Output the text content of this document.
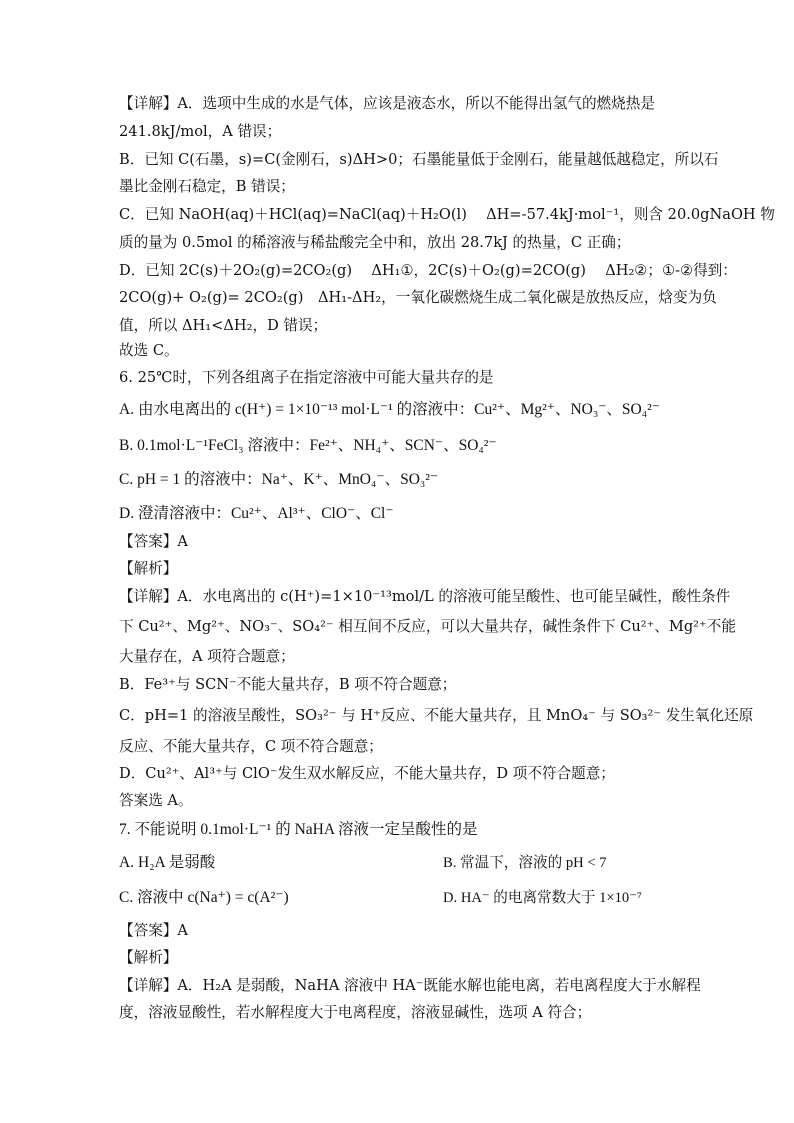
【详解】A．选项中生成的水是气体，应该是液态水，所以不能得出氢气的燃烧热是
241.8kJ/mol，A 错误；
B．已知 C(石墨，s)=C(金刚石，s)ΔH>0；石墨能量低于金刚石，能量越低越稳定，所以石
墨比金刚石稳定，B 错误；
C．已知 NaOH(aq)＋HCl(aq)=NaCl(aq)＋H₂O(l)　 ΔH=-57.4kJ·mol⁻¹，则含 20.0gNaOH 物
质的量为 0.5mol 的稀溶液与稀盐酸完全中和，放出 28.7kJ 的热量，C 正确；
D．已知 2C(s)＋2O₂(g)=2CO₂(g)　 ΔH₁①，2C(s)＋O₂(g)=2CO(g)　 ΔH₂②；①-②得到：
2CO(g)+ O₂(g)= 2CO₂(g)　ΔH₁-ΔH₂，一氧化碳燃烧生成二氧化碳是放热反应，焓变为负
值，所以 ΔH₁<ΔH₂，D 错误；
故选 C。
6. 25℃时，下列各组离子在指定溶液中可能大量共存的是
A. 由水电离出的 c(H⁺) = 1×10⁻¹³ mol·L⁻¹ 的溶液中：Cu²⁺、Mg²⁺、NO₃⁻、SO₄²⁻
B. 0.1mol·L⁻¹FeCl₃ 溶液中：Fe²⁺、NH₄⁺、SCN⁻、SO₄²⁻
C. pH = 1 的溶液中：Na⁺、K⁺、MnO₄⁻、SO₃²⁻
D. 澄清溶液中：Cu²⁺、Al³⁺、ClO⁻、Cl⁻
【答案】A
【解析】
【详解】A．水电离出的 c(H⁺)=1×10⁻¹³mol/L 的溶液可能呈酸性、也可能呈碱性，酸性条件
下 Cu²⁺、Mg²⁺、NO₃⁻、SO₄²⁻ 相互间不反应，可以大量共存，碱性条件下 Cu²⁺、Mg²⁺不能
大量存在，A 项符合题意；
B．Fe³⁺与 SCN⁻不能大量共存，B 项不符合题意；
C．pH=1 的溶液呈酸性，SO₃²⁻ 与 H⁺反应、不能大量共存，且 MnO₄⁻ 与 SO₃²⁻ 发生氧化还原
反应、不能大量共存，C 项不符合题意；
D．Cu²⁺、Al³⁺与 ClO⁻发生双水解反应，不能大量共存，D 项不符合题意；
答案选 A。
7. 不能说明 0.1mol·L⁻¹ 的 NaHA 溶液一定呈酸性的是
A. H₂A 是弱酸	B. 常温下，溶液的 pH < 7
C. 溶液中 c(Na⁺) = c(A²⁻)	D. HA⁻ 的电离常数大于 1×10⁻⁷
【答案】A
【解析】
【详解】A．H₂A 是弱酸，NaHA 溶液中 HA⁻既能水解也能电离，若电离程度大于水解程
度，溶液显酸性，若水解程度大于电离程度，溶液显碱性，选项 A 符合；
